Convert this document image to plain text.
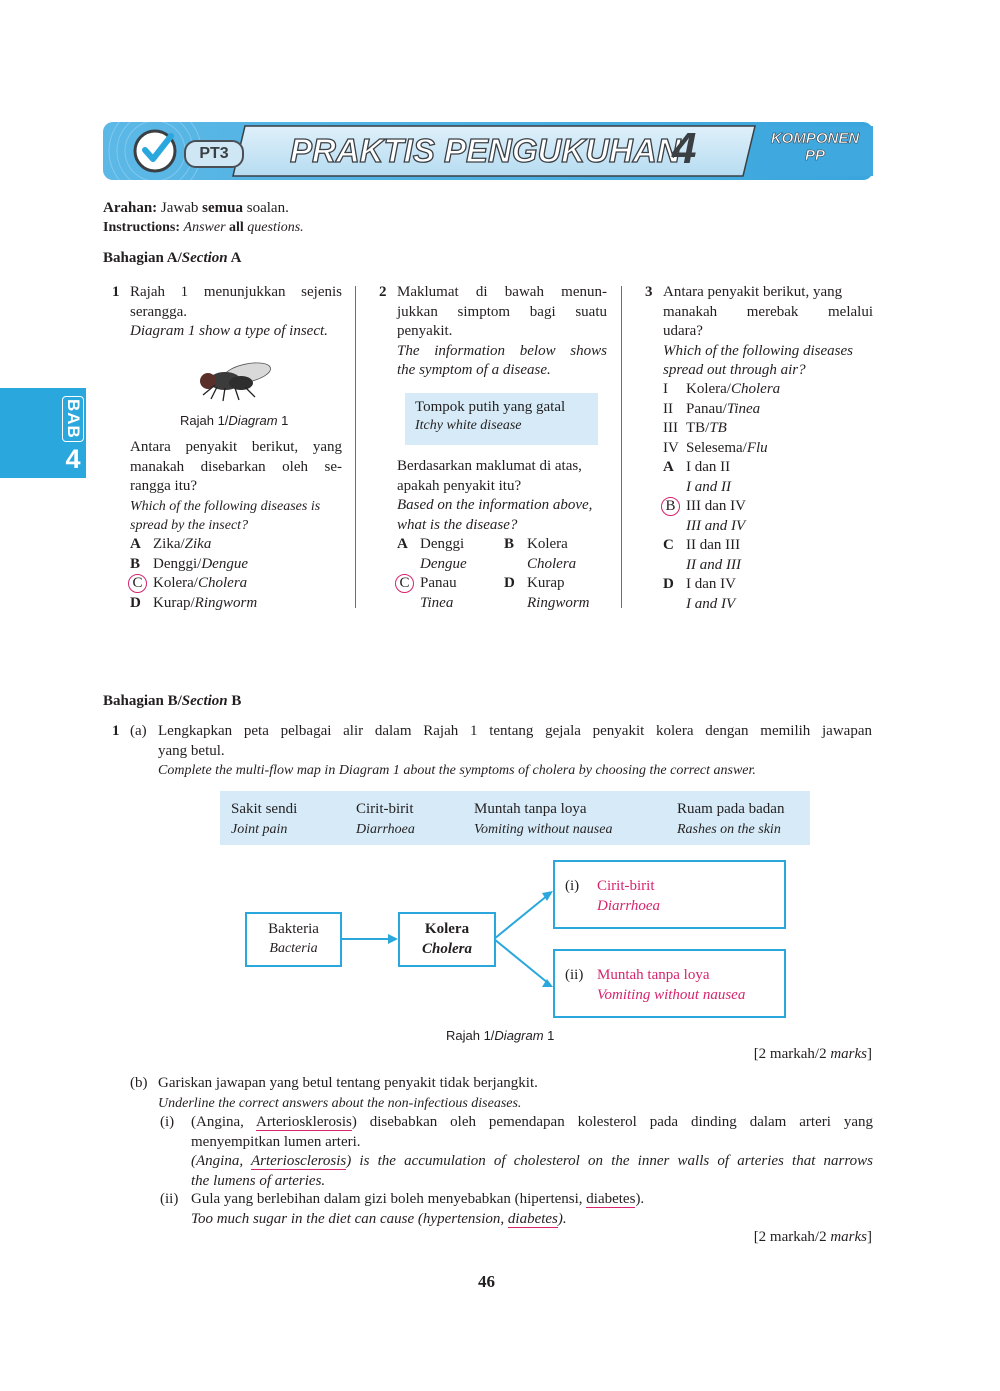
PT3	PRAKTIS PENGUKUHAN
4	KOMPONEN
PP
BAB
4
Arahan: Jawab semua soalan.
Instructions: Answer all questions.
Bahagian A/Section A
1 Rajah 1 menunjukkan sejenis
serangga.
Diagram 1 show a type of insect.
Rajah 1/Diagram 1
Antara penyakit berikut, yang
manakah disebarkan oleh se-
rangga itu?
Which of the following diseases is
spread by the insect?
A Zika/Zika
B Denggi/Dengue
C Kolera/Cholera
D Kurap/Ringworm
2 Maklumat di bawah menun-
jukkan simptom bagi suatu
penyakit.
The information below shows
the symptom of a disease.
Tompok putih yang gatal
Itchy white disease
Berdasarkan maklumat di atas,
apakah penyakit itu?
Based on the information above,
what is the disease?
A Denggi
Dengue
B Kolera
Cholera
C Panau
Tinea
D Kurap
Ringworm
3 Antara penyakit berikut, yang
manakah merebak melalui
udara?
Which of the following diseases
spread out through air?
I Kolera/Cholera
II Panau/Tinea
III TB/TB
IV Selesema/Flu
A I dan II
I and II
B III dan IV
III and IV
C II dan III
II and III
D I dan IV
I and IV
Bahagian B/Section B
1 (a) Lengkapkan peta pelbagai alir dalam Rajah 1 tentang gejala penyakit kolera dengan memilih jawapan
yang betul.
Complete the multi-flow map in Diagram 1 about the symptoms of cholera by choosing the correct answer.
Sakit sendi
Joint pain
Cirit-birit
Diarrhoea
Muntah tanpa loya
Vomiting without nausea
Ruam pada badan
Rashes on the skin
Bakteria
Bacteria
Kolera
Cholera
(i) Cirit-birit
Diarrhoea
(ii) Muntah tanpa loya
Vomiting without nausea
Rajah 1/Diagram 1
[2 markah/2 marks]
(b) Gariskan jawapan yang betul tentang penyakit tidak berjangkit.
Underline the correct answers about the non-infectious diseases.
(i) (Angina, Arteriosklerosis) disebabkan oleh pemendapan kolesterol pada dinding dalam arteri yang
menyempitkan lumen arteri.
(Angina, Arteriosclerosis) is the accumulation of cholesterol on the inner walls of arteries that narrows
the lumens of arteries.
(ii) Gula yang berlebihan dalam gizi boleh menyebabkan (hipertensi, diabetes).
Too much sugar in the diet can cause (hypertension, diabetes).
[2 markah/2 marks]
46
